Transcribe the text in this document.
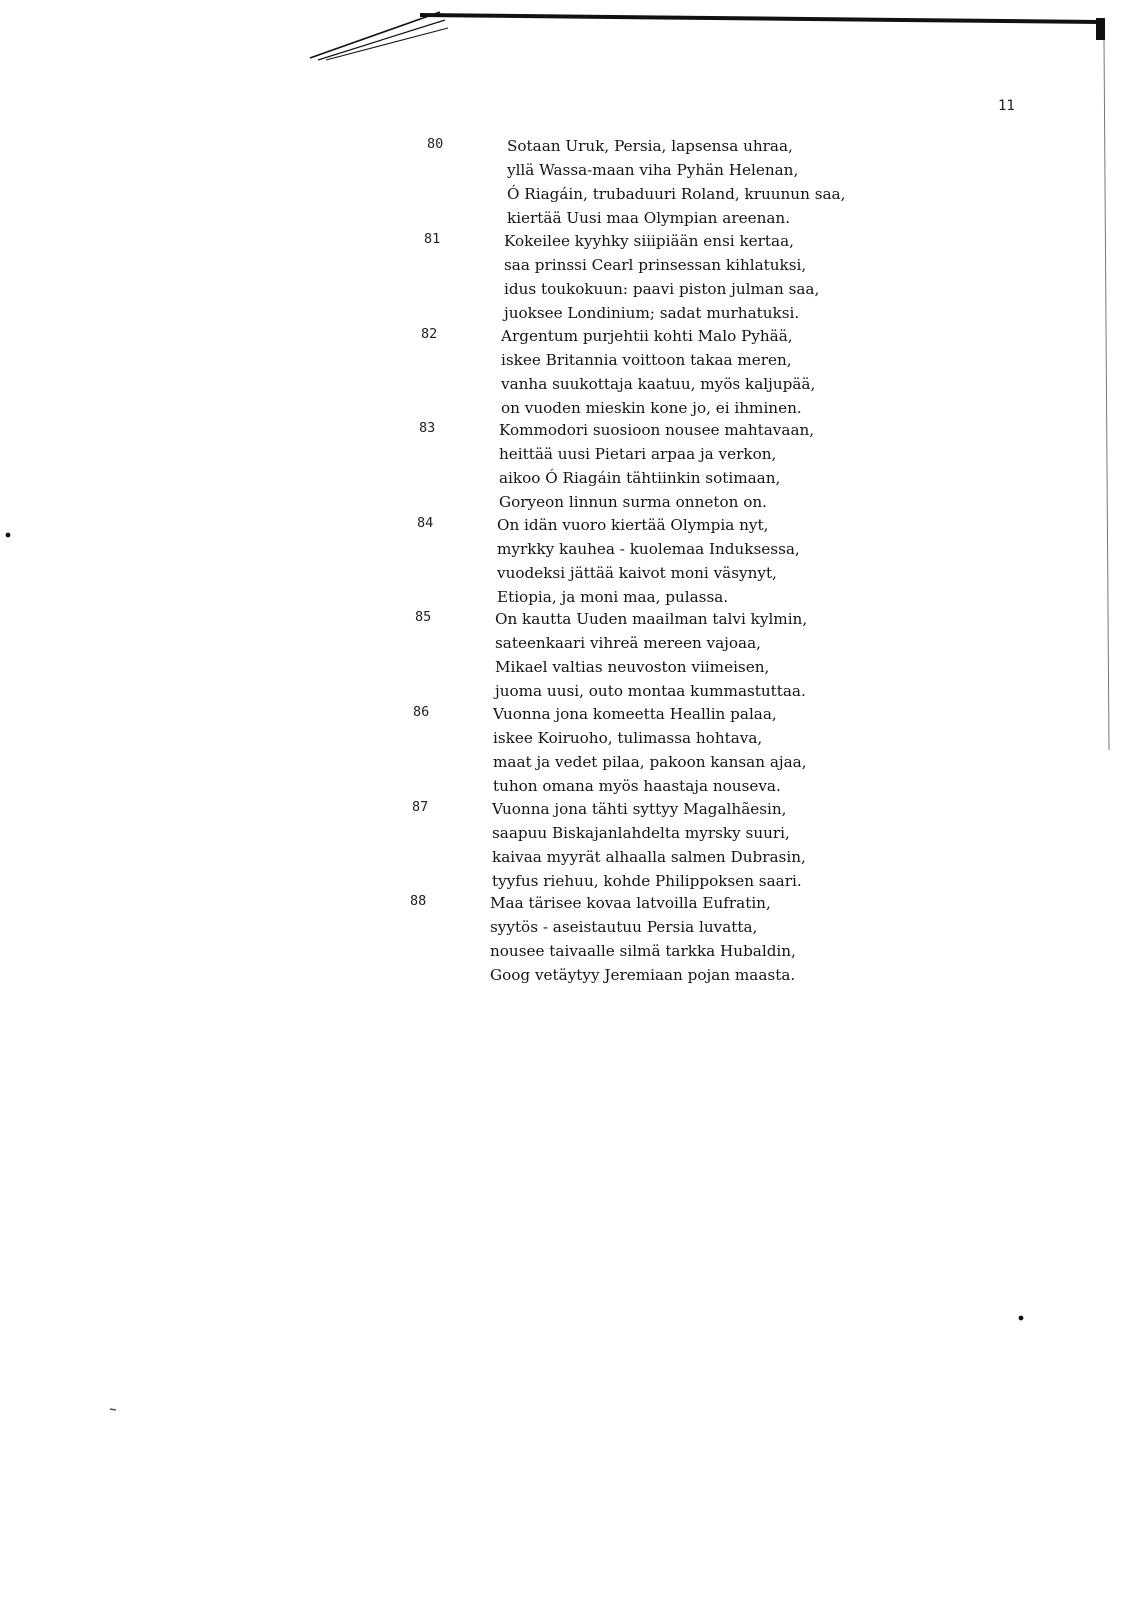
11
80	Sotaan Uruk, Persia, lapsensa uhraa,
yllä Wassa-maan viha Pyhän Helenan,
Ó Riagáin, trubaduuri Roland, kruunun saa,
kiertää Uusi maa Olympian areenan.
81	Kokeilee kyyhky siiipiään ensi kertaa,
saa prinssi Cearl prinsessan kihlatuksi,
idus toukokuun: paavi piston julman saa,
juoksee Londinium; sadat murhatuksi.
82	Argentum purjehtii kohti Malo Pyhää,
iskee Britannia voittoon takaa meren,
vanha suukottaja kaatuu, myös kaljupää,
on vuoden mieskin kone jo, ei ihminen.
83	Kommodori suosioon nousee mahtavaan,
heittää uusi Pietari arpaa ja verkon,
aikoo Ó Riagáin tähtiinkin sotimaan,
Goryeon linnun surma onneton on.
84	On idän vuoro kiertää Olympia nyt,
myrkky kauhea - kuolemaa Induksessa,
vuodeksi jättää kaivot moni väsynyt,
Etiopia, ja moni maa, pulassa.
85	On kautta Uuden maailman talvi kylmin,
sateenkaari vihreä mereen vajoaa,
Mikael valtias neuvoston viimeisen,
juoma uusi, outo montaa kummastuttaa.
86	Vuonna jona komeetta Heallin palaa,
iskee Koiruoho, tulimassa hohtava,
maat ja vedet pilaa, pakoon kansan ajaa,
tuhon omana myös haastaja nouseva.
87	Vuonna jona tähti syttyy Magalhãesin,
saapuu Biskajanlahdelta myrsky suuri,
kaivaa myyrät alhaalla salmen Dubrasin,
tyyfus riehuu, kohde Philippoksen saari.
88	Maa tärisee kovaa latvoilla Eufratin,
syytös - aseistautuu Persia luvatta,
nousee taivaalle silmä tarkka Hubaldin,
Goog vetäytyy Jeremiaan pojan maasta.
